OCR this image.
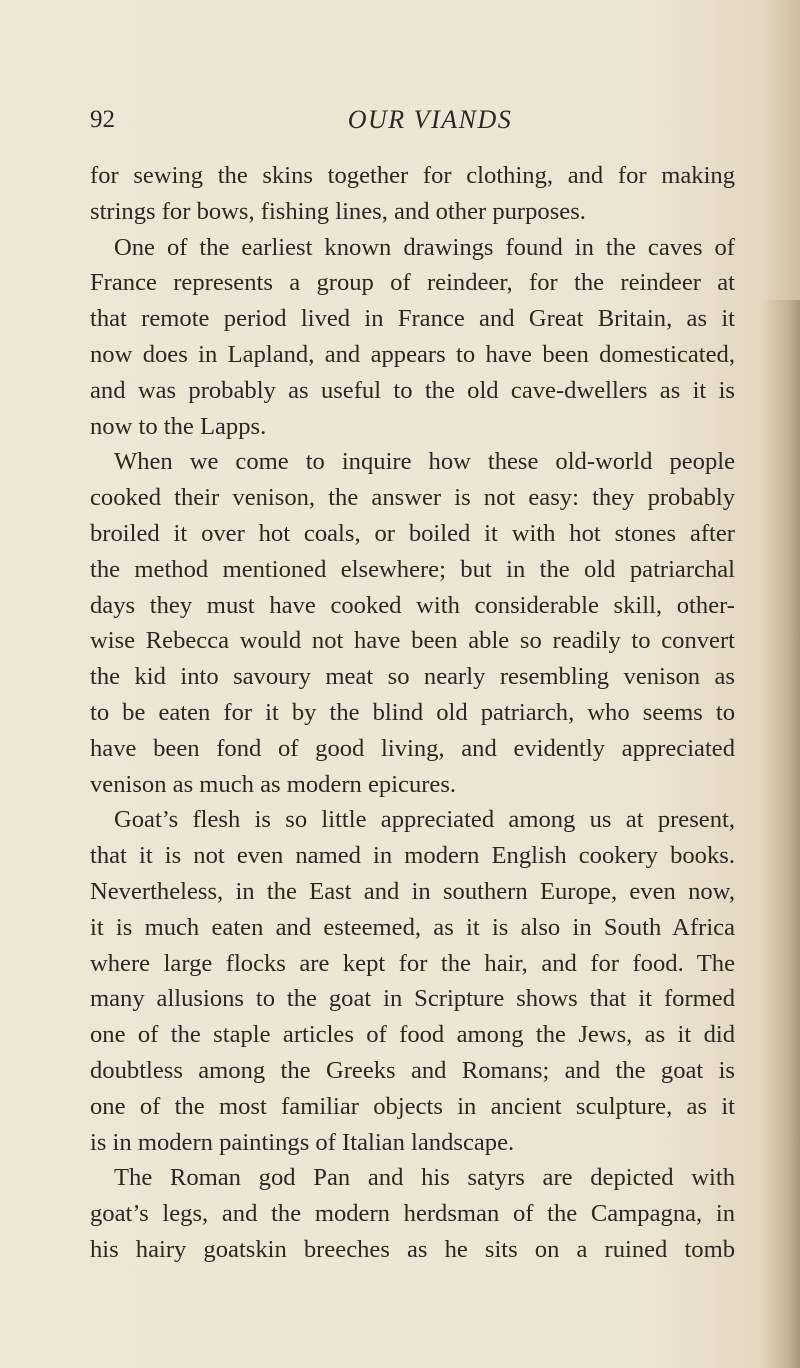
92	OUR VIANDS
for sewing the skins together for clothing, and for making
strings for bows, fishing lines, and other purposes.
One of the earliest known drawings found in the caves of
France represents a group of reindeer, for the reindeer at
that remote period lived in France and Great Britain, as it
now does in Lapland, and appears to have been domesticated,
and was probably as useful to the old cave-dwellers as it is
now to the Lapps.
When we come to inquire how these old-world people
cooked their venison, the answer is not easy: they probably
broiled it over hot coals, or boiled it with hot stones after
the method mentioned elsewhere; but in the old patriarchal
days they must have cooked with considerable skill, other-
wise Rebecca would not have been able so readily to convert
the kid into savoury meat so nearly resembling venison as
to be eaten for it by the blind old patriarch, who seems to
have been fond of good living, and evidently appreciated
venison as much as modern epicures.
Goat’s flesh is so little appreciated among us at present,
that it is not even named in modern English cookery books.
Nevertheless, in the East and in southern Europe, even now,
it is much eaten and esteemed, as it is also in South Africa
where large flocks are kept for the hair, and for food. The
many allusions to the goat in Scripture shows that it formed
one of the staple articles of food among the Jews, as it did
doubtless among the Greeks and Romans; and the goat is
one of the most familiar objects in ancient sculpture, as it
is in modern paintings of Italian landscape.
The Roman god Pan and his satyrs are depicted with
goat’s legs, and the modern herdsman of the Campagna, in
his hairy goatskin breeches as he sits on a ruined tomb
